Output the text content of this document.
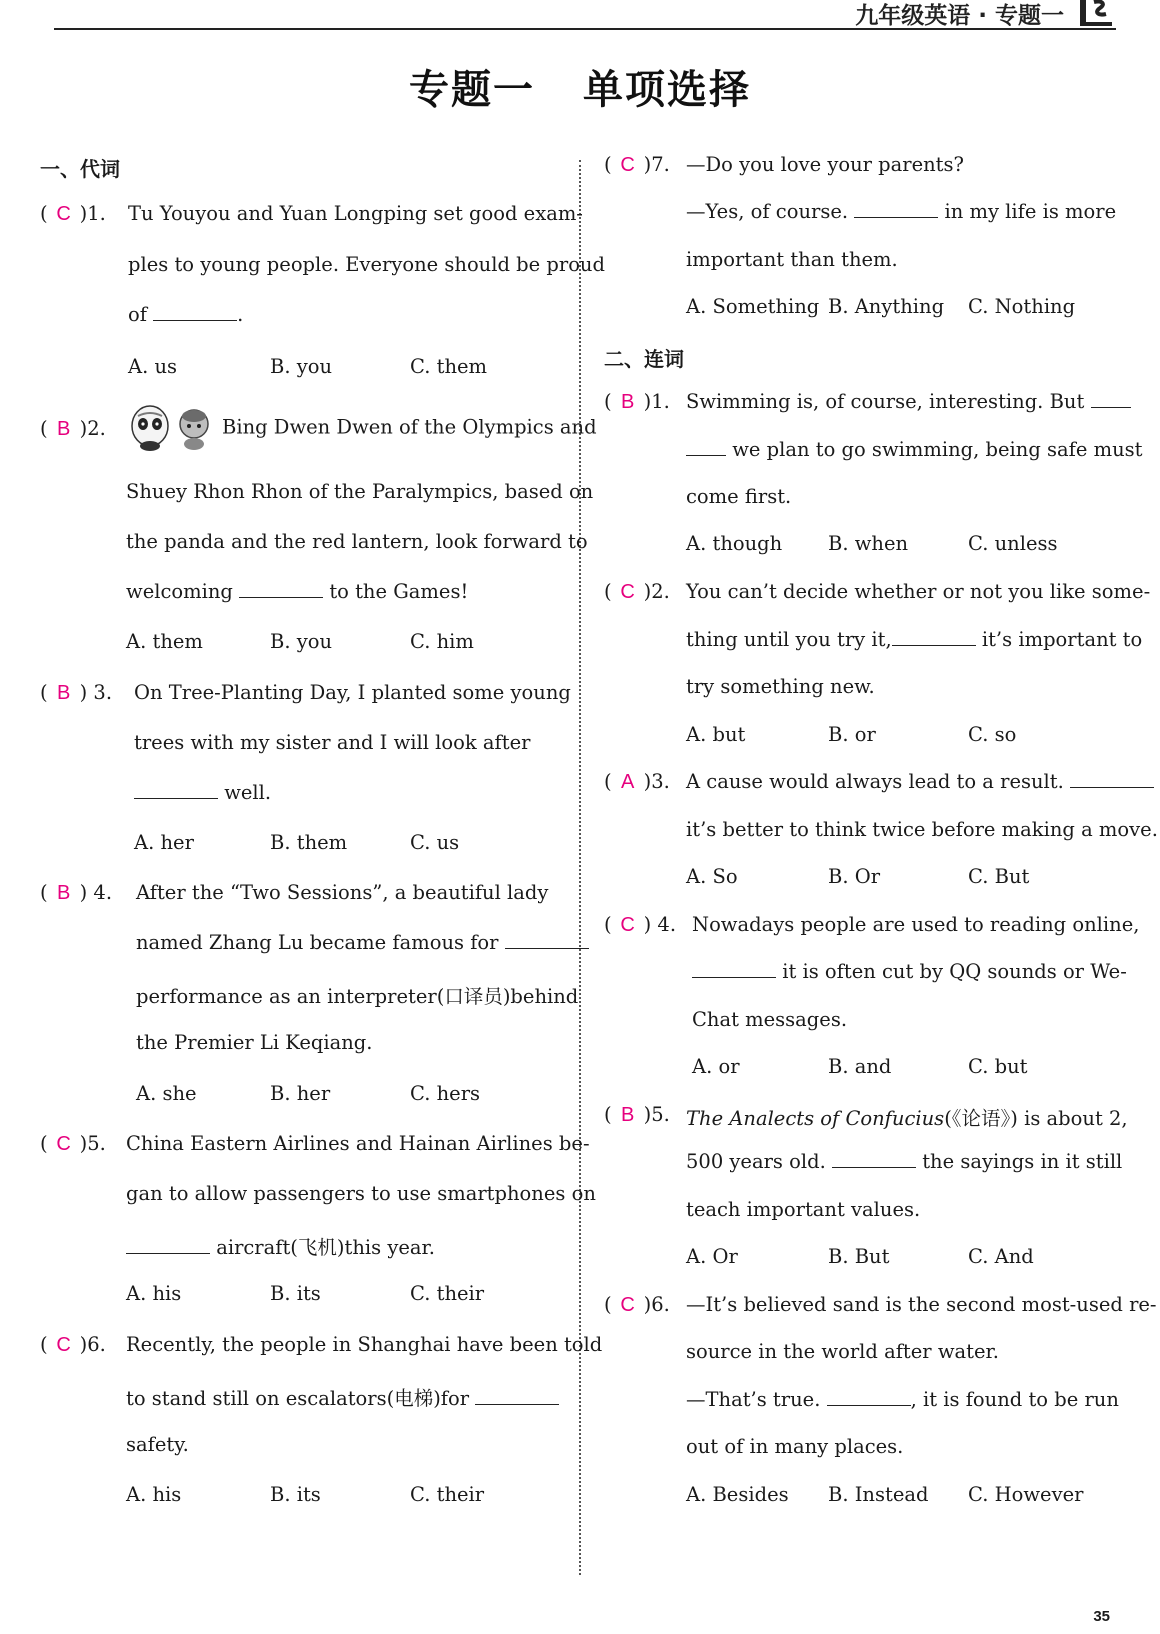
九年级英语 · 专题一
专题一 单项选择
一、代词
( C )1. Tu Youyou and Yuan Longping set good exam-
ples to young people. Everyone should be proud
of	.
A. us	B. you	C. them
( B )2.	Bing Dwen Dwen of the Olympics and
Shuey Rhon Rhon of the Paralympics, based on
the panda and the red lantern, look forward to
welcoming	to the Games!
A. them	B. you	C. him
( B ) 3. On Tree-Planting Day, I planted some young
trees with my sister and I will look after
well.
A. her	B. them	C. us
( B ) 4. After the “Two Sessions”, a beautiful lady
named Zhang Lu became famous for
performance as an interpreter(口译员)behind
the Premier Li Keqiang.
A. she	B. her	C. hers
( C )5. China Eastern Airlines and Hainan Airlines be-
gan to allow passengers to use smartphones on
aircraft(飞机)this year.
A. his	B. its	C. their
( C )6. Recently, the people in Shanghai have been told
to stand still on escalators(电梯)for
safety.
A. his	B. its	C. their
( C )7. —Do you love your parents?
—Yes, of course.	in my life is more
important than them.
A. Something B. Anything C. Nothing
二、连词
( B )1. Swimming is, of course, interesting. But
we plan to go swimming, being safe must
come first.
A. though B. when	C. unless
( C )2. You can’t decide whether or not you like some-
thing until you try it,	it’s important to
try something new.
A. but	B. or	C. so
( A )3. A cause would always lead to a result.
it’s better to think twice before making a move.
A. So	B. Or	C. But
( C ) 4. Nowadays people are used to reading online,
it is often cut by QQ sounds or We-
Chat messages.
A. or	B. and	C. but
( B )5. The Analects of Confucius(《论语》) is about 2,
500 years old.	the sayings in it still
teach important values.
A. Or	B. But	C. And
( C )6. —It’s believed sand is the second most-used re-
source in the world after water.
—That’s true.	, it is found to be run
out of in many places.
A. Besides B. Instead C. However
35
